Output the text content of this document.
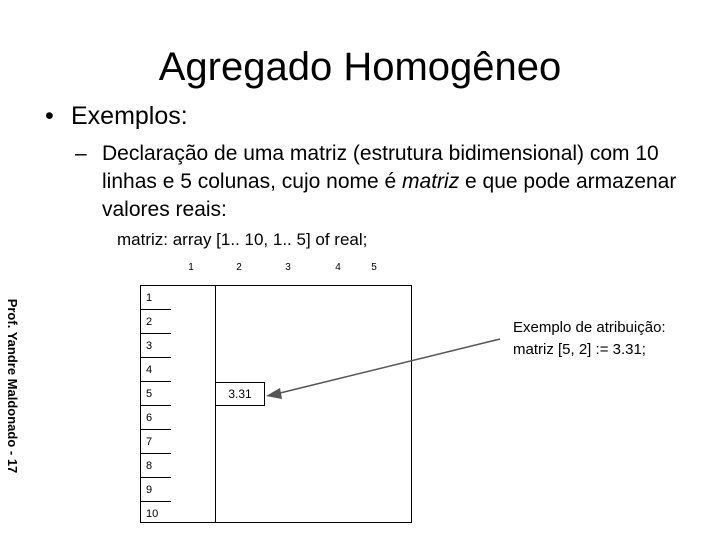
Agregado Homogêneo
• Exemplos:
– Declaração de uma matriz (estrutura bidimensional) com 10 linhas e 5 colunas, cujo nome é matriz e que pode armazenar valores reais:
matriz: array [1.. 10, 1.. 5] of real;
Prof. Yandre Maldonado - 17
1	2	3	4	5
1
2
3
4
5
6
7
8
9
10
3.31
Exemplo de atribuição:
matriz [5, 2] := 3.31;
